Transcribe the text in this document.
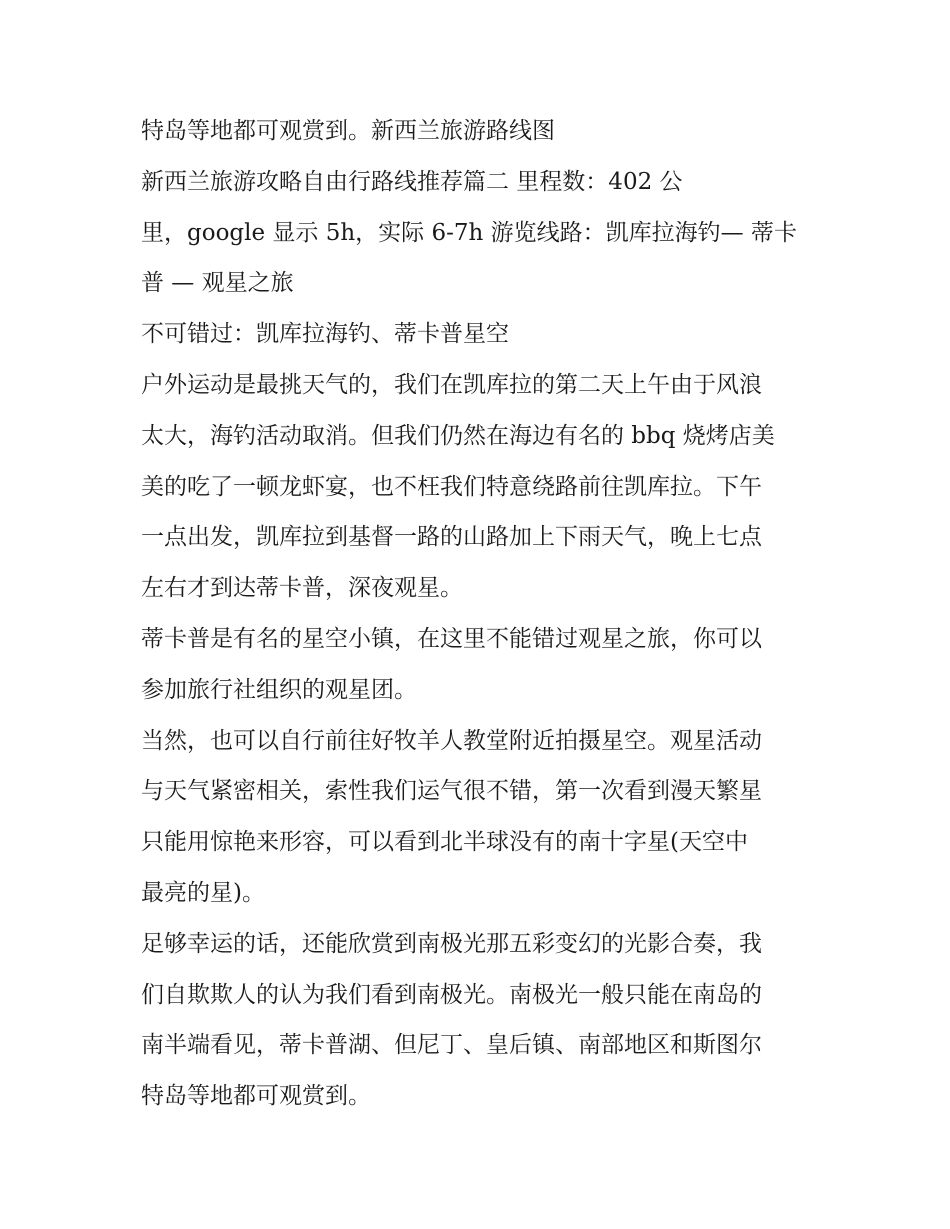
特岛等地都可观赏到。新西兰旅游路线图

新西兰旅游攻略自由行路线推荐篇二 里程数：402 公

里，google 显示 5h，实际 6-7h 游览线路：凯库拉海钓— 蒂卡

普 — 观星之旅

不可错过：凯库拉海钓、蒂卡普星空

户外运动是最挑天气的，我们在凯库拉的第二天上午由于风浪

太大，海钓活动取消。但我们仍然在海边有名的 bbq 烧烤店美

美的吃了一顿龙虾宴，也不枉我们特意绕路前往凯库拉。下午

一点出发，凯库拉到基督一路的山路加上下雨天气，晚上七点

左右才到达蒂卡普，深夜观星。

蒂卡普是有名的星空小镇，在这里不能错过观星之旅，你可以

参加旅行社组织的观星团。

当然，也可以自行前往好牧羊人教堂附近拍摄星空。观星活动

与天气紧密相关，索性我们运气很不错，第一次看到漫天繁星

只能用惊艳来形容，可以看到北半球没有的南十字星(天空中

最亮的星)。

足够幸运的话，还能欣赏到南极光那五彩变幻的光影合奏，我

们自欺欺人的认为我们看到南极光。南极光一般只能在南岛的

南半端看见，蒂卡普湖、但尼丁、皇后镇、南部地区和斯图尔

特岛等地都可观赏到。
